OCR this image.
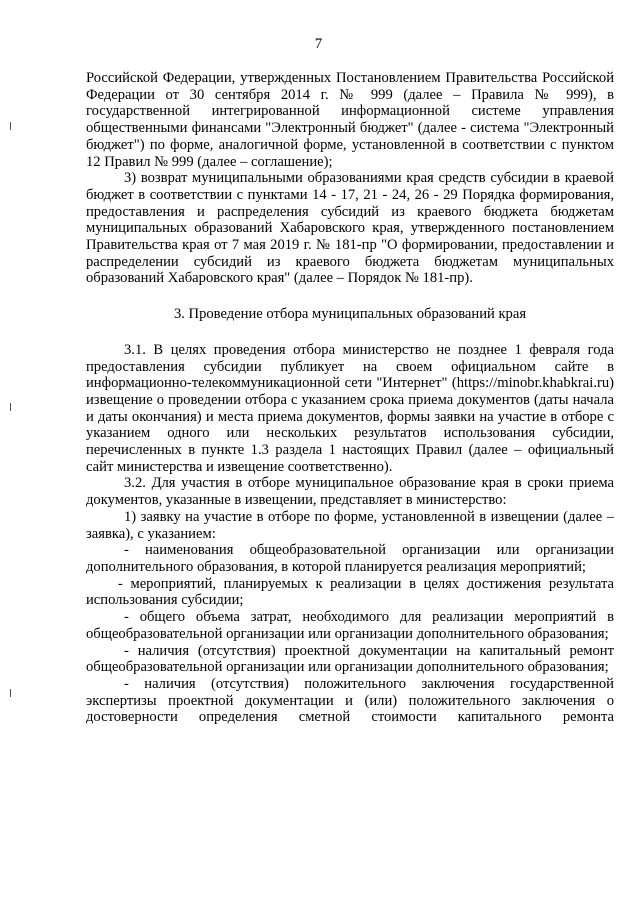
7

Российской Федерации, утвержденных Постановлением Правительства Российской Федерации от 30 сентября 2014 г. № 999 (далее – Правила № 999), в государственной интегрированной информационной системе управления общественными финансами "Электронный бюджет" (далее - система "Электронный бюджет") по форме, аналогичной форме, установленной в соответствии с пунктом 12 Правил № 999 (далее – соглашение);

3) возврат муниципальными образованиями края средств субсидии в краевой бюджет в соответствии с пунктами 14 - 17, 21 - 24, 26 - 29 Порядка формирования, предоставления и распределения субсидий из краевого бюджета бюджетам муниципальных образований Хабаровского края, утвержденного постановлением Правительства края от 7 мая 2019 г. № 181-пр "О формировании, предоставлении и распределении субсидий из краевого бюджета бюджетам муниципальных образований Хабаровского края" (далее – Порядок № 181-пр).

3. Проведение отбора муниципальных образований края

3.1. В целях проведения отбора министерство не позднее 1 февраля года предоставления субсидии публикует на своем официальном сайте в информационно-телекоммуникационной сети "Интернет" (https://minobr.khabkrai.ru) извещение о проведении отбора с указанием срока приема документов (даты начала и даты окончания) и места приема документов, формы заявки на участие в отборе с указанием одного или нескольких результатов использования субсидии, перечисленных в пункте 1.3 раздела 1 настоящих Правил (далее – официальный сайт министерства и извещение соответственно).

3.2. Для участия в отборе муниципальное образование края в сроки приема документов, указанные в извещении, представляет в министерство:

1) заявку на участие в отборе по форме, установленной в извещении (далее – заявка), с указанием:

- наименования общеобразовательной организации или организации дополнительного образования, в которой планируется реализация мероприятий;

- мероприятий, планируемых к реализации в целях достижения результата использования субсидии;

- общего объема затрат, необходимого для реализации мероприятий в общеобразовательной организации или организации дополнительного образования;

- наличия (отсутствия) проектной документации на капитальный ремонт общеобразовательной организации или организации дополнительного образования;

- наличия (отсутствия) положительного заключения государственной экспертизы проектной документации и (или) положительного заключения о достоверности определения сметной стоимости капитального ремонта
